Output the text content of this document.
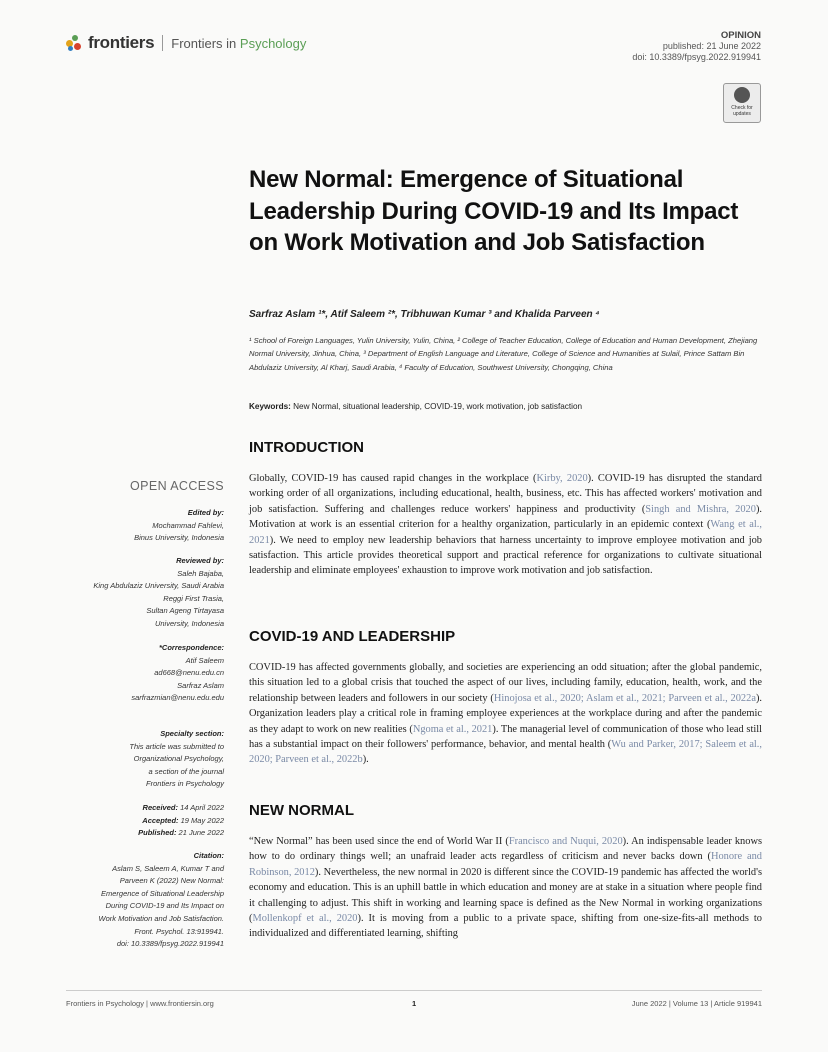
frontiers Frontiers in Psychology	OPINION
published: 21 June 2022
doi: 10.3389/fpsyg.2022.919941
Check for updates
New Normal: Emergence of Situational Leadership During COVID-19 and Its Impact on Work Motivation and Job Satisfaction
Sarfraz Aslam ¹*, Atif Saleem ²*, Tribhuwan Kumar ³ and Khalida Parveen ⁴
¹ School of Foreign Languages, Yulin University, Yulin, China, ² College of Teacher Education, College of Education and Human Development, Zhejiang Normal University, Jinhua, China, ³ Department of English Language and Literature, College of Science and Humanities at Sulail, Prince Sattam Bin Abdulaziz University, Al Kharj, Saudi Arabia, ⁴ Faculty of Education, Southwest University, Chongqing, China
Keywords: New Normal, situational leadership, COVID-19, work motivation, job satisfaction
INTRODUCTION
Globally, COVID-19 has caused rapid changes in the workplace (Kirby, 2020). COVID-19 has disrupted the standard working order of all organizations, including educational, health, business, etc. This has affected workers' motivation and job satisfaction. Suffering and challenges reduce workers' happiness and productivity (Singh and Mishra, 2020). Motivation at work is an essential criterion for a healthy organization, particularly in an epidemic context (Wang et al., 2021). We need to employ new leadership behaviors that harness uncertainty to improve employee motivation and job satisfaction. This article provides theoretical support and practical reference for organizations to cultivate situational leadership and eliminate employees' exhaustion to improve work motivation and job satisfaction.
COVID-19 AND LEADERSHIP
COVID-19 has affected governments globally, and societies are experiencing an odd situation; after the global pandemic, this situation led to a global crisis that touched the aspect of our lives, including family, education, health, work, and the relationship between leaders and followers in our society (Hinojosa et al., 2020; Aslam et al., 2021; Parveen et al., 2022a). Organization leaders play a critical role in framing employee experiences at the workplace during and after the pandemic as they adapt to work on new realities (Ngoma et al., 2021). The managerial level of communication of those who lead still has a substantial impact on their followers' performance, behavior, and mental health (Wu and Parker, 2017; Saleem et al., 2020; Parveen et al., 2022b).
NEW NORMAL
“New Normal” has been used since the end of World War II (Francisco and Nuqui, 2020). An indispensable leader knows how to do ordinary things well; an unafraid leader acts regardless of criticism and never backs down (Honore and Robinson, 2012). Nevertheless, the new normal in 2020 is different since the COVID-19 pandemic has affected the world's economy and education. This is an uphill battle in which education and money are at stake in a situation where people find it challenging to adjust. This shift in working and learning space is defined as the New Normal in working organizations (Mollenkopf et al., 2020). It is moving from a public to a private space, shifting from one-size-fits-all methods to individualized and differentiated learning, shifting
OPEN ACCESS
Edited by:
Mochammad Fahlevi,
Binus University, Indonesia
Reviewed by:
Saleh Bajaba,
King Abdulaziz University, Saudi Arabia
Reggi First Trasia,
Sultan Ageng Tirtayasa
University, Indonesia
*Correspondence:
Atif Saleem
ad668@nenu.edu.cn
Sarfraz Aslam
sarfrazmian@nenu.edu.edu
Specialty section:
This article was submitted to
Organizational Psychology,
a section of the journal
Frontiers in Psychology
Received: 14 April 2022
Accepted: 19 May 2022
Published: 21 June 2022
Citation:
Aslam S, Saleem A, Kumar T and
Parveen K (2022) New Normal:
Emergence of Situational Leadership
During COVID-19 and Its Impact on
Work Motivation and Job Satisfaction.
Front. Psychol. 13:919941.
doi: 10.3389/fpsyg.2022.919941
Frontiers in Psychology | www.frontiersin.org	1	June 2022 | Volume 13 | Article 919941
